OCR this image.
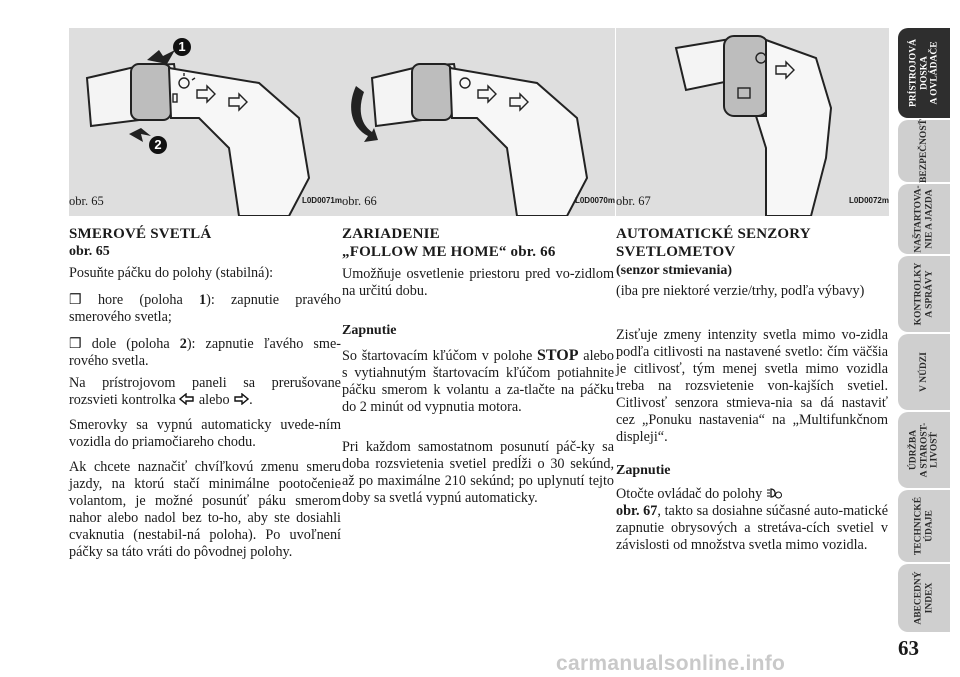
1
2
obr. 65	L0D0071m obr. 66	L0D0070m obr. 67	L0D0072m
SMEROVÉ SVETLÁ
obr. 65
Posuňte páčku do polohy (stabilná):
❒ hore (poloha 1): zapnutie pravého smerového svetla;
❒ dole (poloha 2): zapnutie ľavého sme-rového svetla.
Na prístrojovom paneli sa prerušovane rozsvieti kontrolka  alebo .
Smerovky sa vypnú automaticky uvede-ním vozidla do priamočiareho chodu.
Ak chcete naznačiť chvíľkovú zmenu smeru jazdy, na ktorú stačí minimálne pootočenie volantom, je možné posunúť páku smerom nahor alebo nadol bez to-ho, aby ste dosiahli cvaknutia (nestabil-ná poloha). Po uvoľnení páčky sa táto vráti do pôvodnej polohy.
ZARIADENIE
„FOLLOW ME HOME“ obr. 66
Umožňuje osvetlenie priestoru pred vo-zidlom na určitú dobu.
Zapnutie
So štartovacím kľúčom v polohe STOP alebo s vytiahnutým štartovacím kľúčom potiahnite páčku smerom k volantu a za-tlačte na páčku do 2 minút od vypnutia motora.
Pri každom samostatnom posunutí páč-ky sa doba rozsvietenia svetiel predĺži o 30 sekúnd, až po maximálne 210 sekúnd; po uplynutí tejto doby sa svetlá vypnú automaticky.
AUTOMATICKÉ SENZORY
SVETLOMETOV
(senzor stmievania)
(iba pre niektoré verzie/trhy, podľa výbavy)
Zisťuje zmeny intenzity svetla mimo vo-zidla podľa citlivosti na nastavené svetlo: čím väčšia je citlivosť, tým menej svetla mimo vozidla treba na rozsvietenie von-kajších svetiel. Citlivosť senzora stmieva-nia sa dá nastaviť cez „Ponuku nastavenia“ na „Multifunkčnom displeji“.
Zapnutie
Otočte ovládač do polohy
obr. 67, takto sa dosiahne súčasné auto-matické zapnutie obrysových a stretáva-cích svetiel v závislosti od množstva svetla mimo vozidla.
PRÍSTROJOVÁ
DOSKA
A OVLÁDAČE
BEZPEČNOSŤ
NAŠTARTOVA-
NIE A JAZDA
KONTROLKY
A SPRÁVY
V NÚDZI
ÚDRŽBA
A STAROST-
LIVOSŤ
TECHNICKÉ
ÚDAJE
ABECEDNÝ
INDEX
63
carmanualsonline.info
